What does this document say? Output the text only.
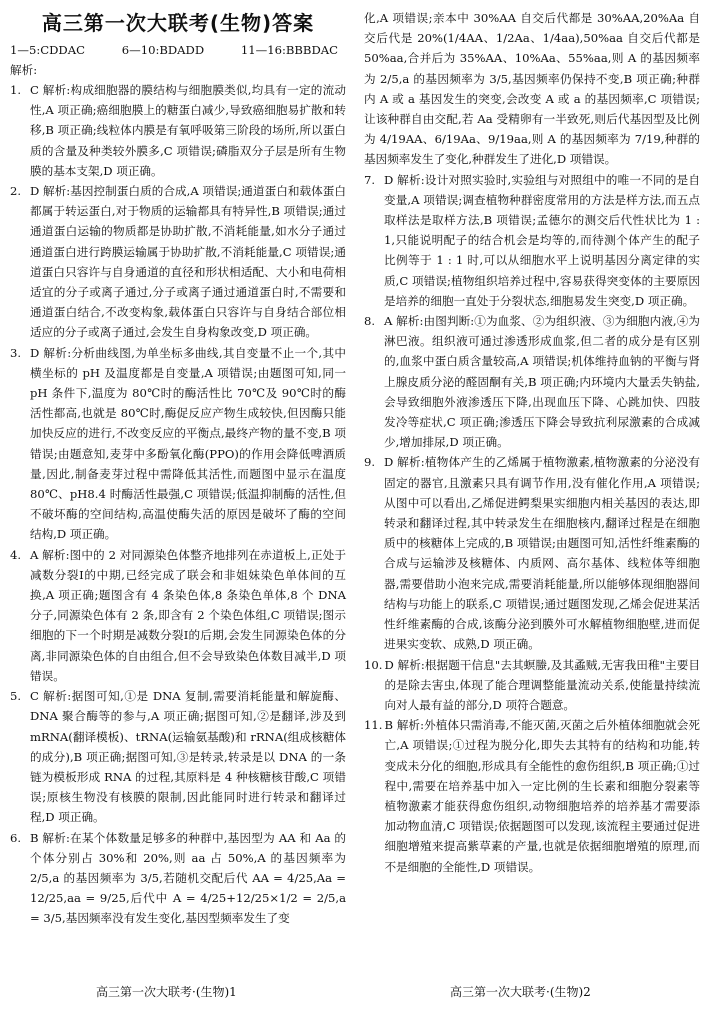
高三第一次大联考(生物)答案
1—5:CDDAC	6—10:BDADD	11—16:BBBDAC
解析:
1. C 解析:构成细胞器的膜结构与细胞膜类似,均具有一定的流动性,A 项正确;癌细胞膜上的糖蛋白减少,导致癌细胞易扩散和转移,B 项正确;线粒体内膜是有氧呼吸第三阶段的场所,所以蛋白质的含量及种类较外膜多,C 项错误;磷脂双分子层是所有生物膜的基本支架,D 项正确。
2. D 解析:基因控制蛋白质的合成,A 项错误;通道蛋白和载体蛋白都属于转运蛋白,对于物质的运输都具有特异性,B 项错误;通过通道蛋白运输的物质都是协助扩散,不消耗能量,如水分子通过通道蛋白进行跨膜运输属于协助扩散,不消耗能量,C 项错误;通道蛋白只容许与自身通道的直径和形状相适配、大小和电荷相适宜的分子或离子通过,分子或离子通过通道蛋白时,不需要和通道蛋白结合,不改变构象,载体蛋白只容许与自身结合部位相适应的分子或离子通过,会发生自身构象改变,D 项正确。
3. D 解析:分析曲线图,为单坐标多曲线,其自变量不止一个,其中横坐标的 pH 及温度都是自变量,A 项错误;由题图可知,同一 pH 条件下,温度为 80℃时的酶活性比 70℃及 90℃时的酶活性都高,也就是 80℃时,酶促反应产物生成较快,但因酶只能加快反应的进行,不改变反应的平衡点,最终产物的量不变,B 项错误;由题意知,麦芽中多酚氧化酶(PPO)的作用会降低啤酒质量,因此,制备麦芽过程中需降低其活性,而题图中显示在温度 80℃、pH8.4 时酶活性最强,C 项错误;低温抑制酶的活性,但不破坏酶的空间结构,高温使酶失活的原因是破坏了酶的空间结构,D 项正确。
4. A 解析:图中的 2 对同源染色体整齐地排列在赤道板上,正处于减数分裂Ⅰ的中期,已经完成了联会和非姐妹染色单体间的互换,A 项正确;题图含有 4 条染色体,8 条染色单体,8 个 DNA 分子,同源染色体有 2 条,即含有 2 个染色体组,C 项错误;图示细胞的下一个时期是减数分裂Ⅰ的后期,会发生同源染色体的分离,非同源染色体的自由组合,但不会导致染色体数目减半,D 项错误。
5. C 解析:据图可知,①是 DNA 复制,需要消耗能量和解旋酶、DNA 聚合酶等的参与,A 项正确;据图可知,②是翻译,涉及到 mRNA(翻译模板)、tRNA(运输氨基酸)和 rRNA(组成核糖体的成分),B 项正确;据图可知,③是转录,转录是以 DNA 的一条链为模板形成 RNA 的过程,其原料是 4 种核糖核苷酸,C 项错误;原核生物没有核膜的限制,因此能同时进行转录和翻译过程,D 项正确。
6. B 解析:在某个体数量足够多的种群中,基因型为 AA 和 Aa 的个体分别占 30%和 20%,则 aa 占 50%,A 的基因频率为 2/5,a 的基因频率为 3/5,若随机交配后代 AA = 4/25,Aa = 12/25,aa = 9/25,后代中 A = 4/25+12/25×1/2 = 2/5,a = 3/5,基因频率没有发生变化,基因型频率发生了变
化,A 项错误;亲本中 30%AA 自交后代都是 30%AA,20%Aa 自交后代是 20%(1/4AA、1/2Aa、1/4aa),50%aa 自交后代都是 50%aa,合并后为 35%AA、10%Aa、55%aa,则 A 的基因频率为 2/5,a 的基因频率为 3/5,基因频率仍保持不变,B 项正确;种群内 A 或 a 基因发生的突变,会改变 A 或 a 的基因频率,C 项错误;让该种群自由交配,若 Aa 受精卵有一半致死,则后代基因型及比例为 4/19AA、6/19Aa、9/19aa,则 A 的基因频率为 7/19,种群的基因频率发生了变化,种群发生了进化,D 项错误。
7. D 解析:设计对照实验时,实验组与对照组中的唯一不同的是自变量,A 项错误;调查植物种群密度常用的方法是样方法,而五点取样法是取样方法,B 项错误;孟德尔的测交后代性状比为 1 : 1,只能说明配子的结合机会是均等的,而待测个体产生的配子比例等于 1 : 1 时,可以从细胞水平上说明基因分离定律的实质,C 项错误;植物组织培养过程中,容易获得突变体的主要原因是培养的细胞一直处于分裂状态,细胞易发生突变,D 项正确。
8. A 解析:由图判断:①为血浆、②为组织液、③为细胞内液,④为淋巴液。组织液可通过渗透形成血浆,但二者的成分是有区别的,血浆中蛋白质含量较高,A 项错误;机体维持血钠的平衡与肾上腺皮质分泌的醛固酮有关,B 项正确;内环境内大量丢失钠盐,会导致细胞外液渗透压下降,出现血压下降、心跳加快、四肢发冷等症状,C 项正确;渗透压下降会导致抗利尿激素的合成减少,增加排尿,D 项正确。
9. D 解析:植物体产生的乙烯属于植物激素,植物激素的分泌没有固定的器官,且激素只具有调节作用,没有催化作用,A 项错误;从图中可以看出,乙烯促进鳄梨果实细胞内相关基因的表达,即转录和翻译过程,其中转录发生在细胞核内,翻译过程是在细胞质中的核糖体上完成的,B 项错误;由题图可知,活性纤维素酶的合成与运输涉及核糖体、内质网、高尔基体、线粒体等细胞器,需要借助小泡来完成,需要消耗能量,所以能够体现细胞器间结构与功能上的联系,C 项错误;通过题图发现,乙烯会促进某活性纤维素酶的合成,该酶分泌到膜外可水解植物细胞壁,进而促进果实变软、成熟,D 项正确。
10. D 解析:根据题干信息"去其螟螣,及其蟊贼,无害我田稚"主要目的是除去害虫,体现了能合理调整能量流动关系,使能量持续流向对人最有益的部分,D 项符合题意。
11. B 解析:外植体只需消毒,不能灭菌,灭菌之后外植体细胞就会死亡,A 项错误;①过程为脱分化,即失去其特有的结构和功能,转变成未分化的细胞,形成具有全能性的愈伤组织,B 项正确;①过程中,需要在培养基中加入一定比例的生长素和细胞分裂素等植物激素才能获得愈伤组织,动物细胞培养的培养基才需要添加动物血清,C 项错误;依据题图可以发现,该流程主要通过促进细胞增殖来提高紫草素的产量,也就是依据细胞增殖的原理,而不是细胞的全能性,D 项错误。
高三第一次大联考·(生物)1	高三第一次大联考·(生物)2
